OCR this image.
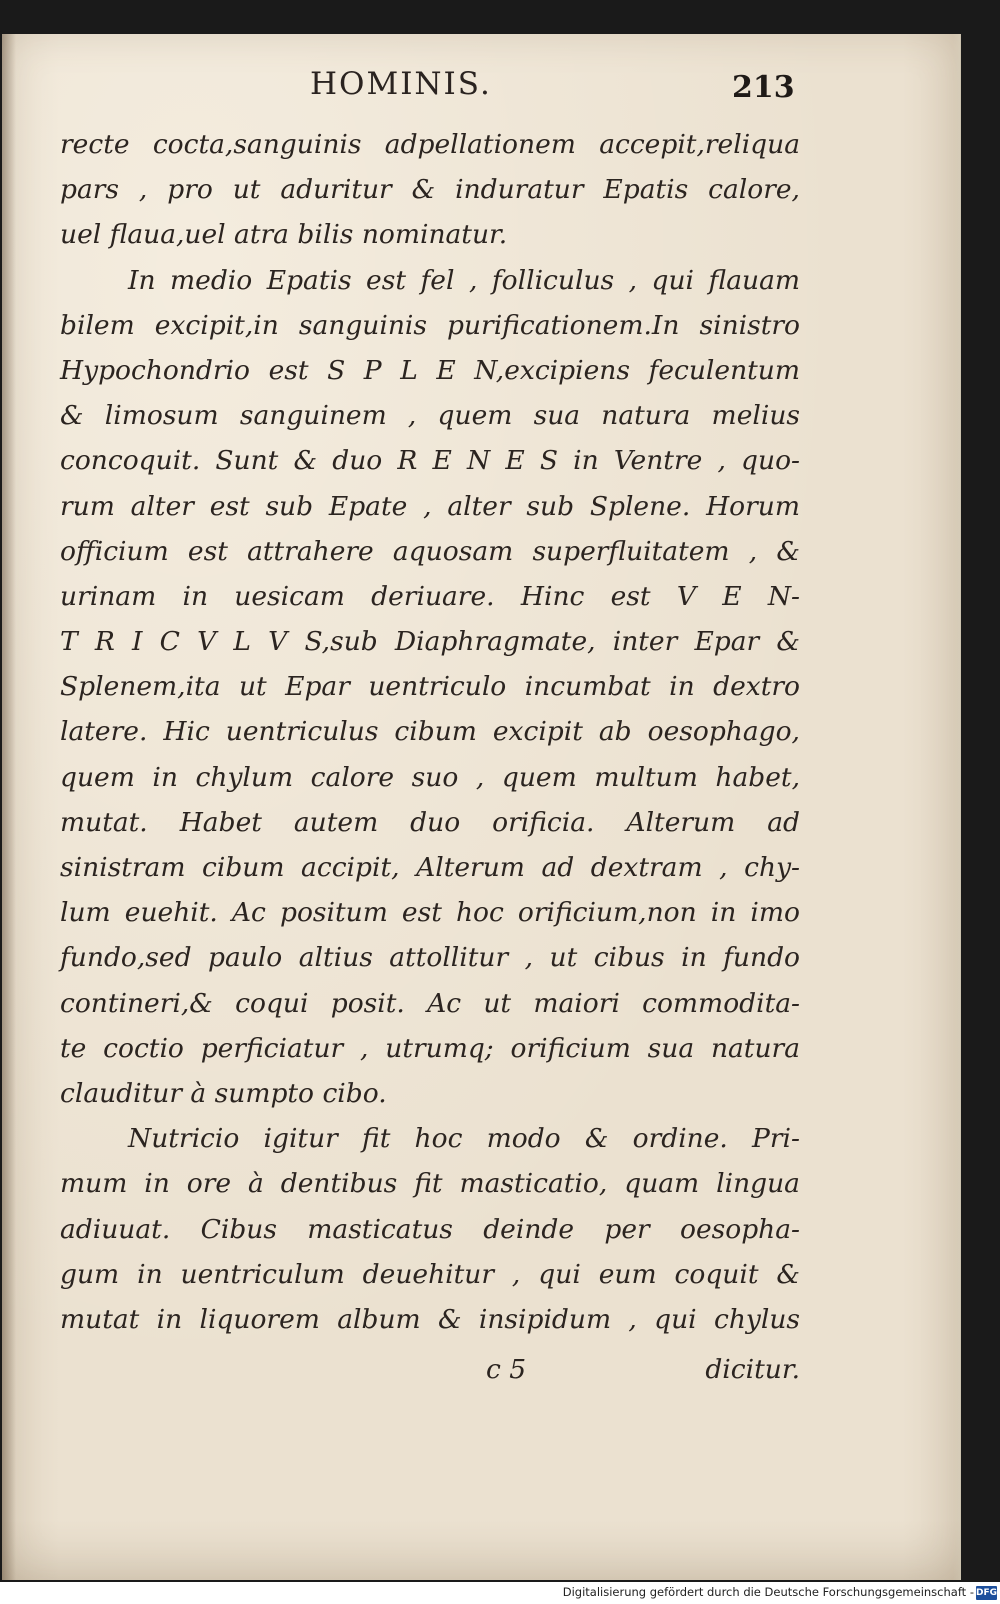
HOMINIS.	213
recte cocta,sanguinis adpellationem accepit,reliqua
pars , pro ut aduritur & induratur Epatis calore,
uel flaua,uel atra bilis nominatur.
In medio Epatis est fel , folliculus , qui flauam
bilem excipit,in sanguinis purificationem.In sinistro
Hypochondrio est S P L E N,excipiens feculentum
& limosum sanguinem , quem sua natura melius
concoquit. Sunt & duo R E N E S in Ventre , quo-
rum alter est sub Epate , alter sub Splene. Horum
officium est attrahere aquosam superfluitatem , &
urinam in uesicam deriuare. Hinc est V E N-
T R I C V L V S,sub Diaphragmate, inter Epar &
Splenem,ita ut Epar uentriculo incumbat in dextro
latere. Hic uentriculus cibum excipit ab oesophago,
quem in chylum calore suo , quem multum habet,
mutat. Habet autem duo orificia. Alterum ad
sinistram cibum accipit, Alterum ad dextram , chy-
lum euehit. Ac positum est hoc orificium,non in imo
fundo,sed paulo altius attollitur , ut cibus in fundo
contineri,& coqui posit. Ac ut maiori commodita-
te coctio perficiatur , utrumq; orificium sua natura
clauditur à sumpto cibo.
Nutricio igitur fit hoc modo & ordine. Pri-
mum in ore à dentibus fit masticatio, quam lingua
adiuuat. Cibus masticatus deinde per oesopha-
gum in uentriculum deuehitur , qui eum coquit &
mutat in liquorem album & insipidum , qui chylus
c 5	dicitur.
Digitalisierung gefördert durch die Deutsche Forschungsgemeinschaft - DFG
